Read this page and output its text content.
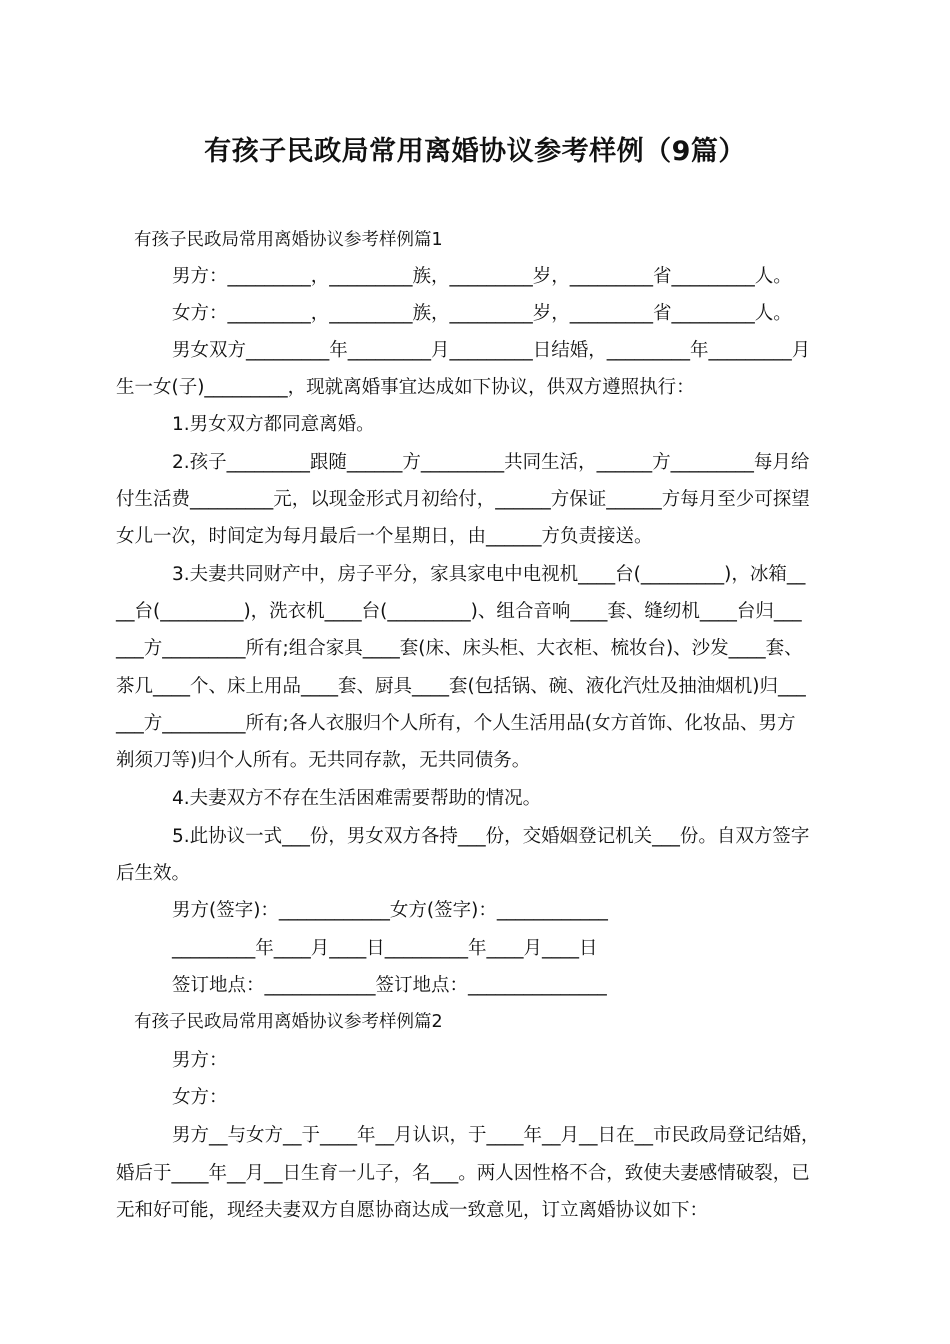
有孩子民政局常用离婚协议参考样例（9篇）

有孩子民政局常用离婚协议参考样例篇1

男方：_________，_________族，_________岁，_________省_________人。

女方：_________，_________族，_________岁，_________省_________人。

男女双方_________年_________月_________日结婚，_________年_________月

生一女(子)_________，现就离婚事宜达成如下协议，供双方遵照执行：

1.男女双方都同意离婚。

2.孩子_________跟随______方_________共同生活，______方_________每月给

付生活费_________元，以现金形式月初给付，______方保证______方每月至少可探望

女儿一次，时间定为每月最后一个星期日，由______方负责接送。

3.夫妻共同财产中，房子平分，家具家电中电视机____台(_________)，冰箱__

__台(_________)，洗衣机____台(_________)、组合音响____套、缝纫机____台归___

___方_________所有;组合家具____套(床、床头柜、大衣柜、梳妆台)、沙发____套、

茶几____个、床上用品____套、厨具____套(包括锅、碗、液化汽灶及抽油烟机)归___

___方_________所有;各人衣服归个人所有，个人生活用品(女方首饰、化妆品、男方

剃须刀等)归个人所有。无共同存款，无共同债务。

4.夫妻双方不存在生活困难需要帮助的情况。

5.此协议一式___份，男女双方各持___份，交婚姻登记机关___份。自双方签字

后生效。

男方(签字)：____________女方(签字)：____________

_________年____月____日_________年____月____日

签订地点：____________签订地点：_______________

有孩子民政局常用离婚协议参考样例篇2

男方：

女方：

男方__与女方__于____年__月认识，于____年__月__日在__市民政局登记结婚，

婚后于____年__月__日生育一儿子，名___。两人因性格不合，致使夫妻感情破裂，已

无和好可能，现经夫妻双方自愿协商达成一致意见，订立离婚协议如下：
